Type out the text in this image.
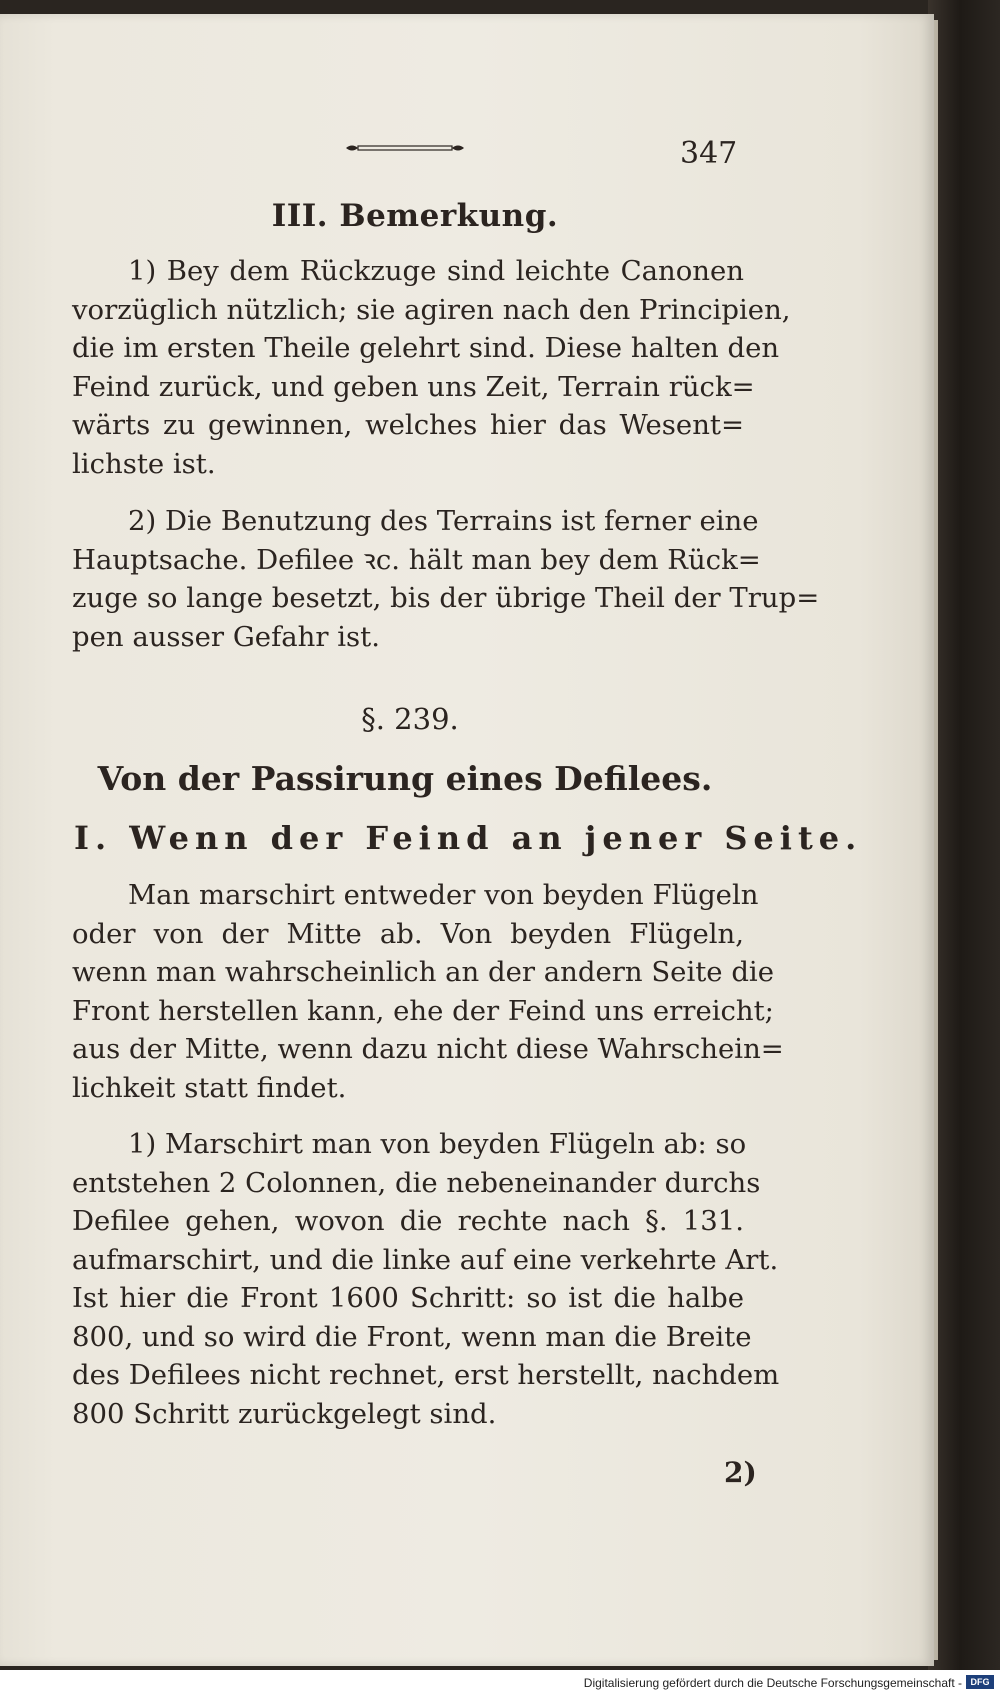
347
III. Bemerkung.
1) Bey dem Rückzuge sind leichte Canonen
vorzüglich nützlich; sie agiren nach den Principien,
die im ersten Theile gelehrt sind. Diese halten den
Feind zurück, und geben uns Zeit, Terrain rück=
wärts zu gewinnen, welches hier das Wesent=
lichste ist.
2) Die Benutzung des Terrains ist ferner eine
Hauptsache. Defilee ꝛc. hält man bey dem Rück=
zuge so lange besetzt, bis der übrige Theil der Trup=
pen ausser Gefahr ist.
§. 239.
Von der Passirung eines Defilees.
I. Wenn der Feind an jener Seite.
Man marschirt entweder von beyden Flügeln
oder von der Mitte ab. Von beyden Flügeln,
wenn man wahrscheinlich an der andern Seite die
Front herstellen kann, ehe der Feind uns erreicht;
aus der Mitte, wenn dazu nicht diese Wahrschein=
lichkeit statt findet.
1) Marschirt man von beyden Flügeln ab: so
entstehen 2 Colonnen, die nebeneinander durchs
Defilee gehen, wovon die rechte nach §. 131.
aufmarschirt, und die linke auf eine verkehrte Art.
Ist hier die Front 1600 Schritt: so ist die halbe
800, und so wird die Front, wenn man die Breite
des Defilees nicht rechnet, erst herstellt, nachdem
800 Schritt zurückgelegt sind.
2)
Digitalisierung gefördert durch die Deutsche Forschungsgemeinschaft - DFG
